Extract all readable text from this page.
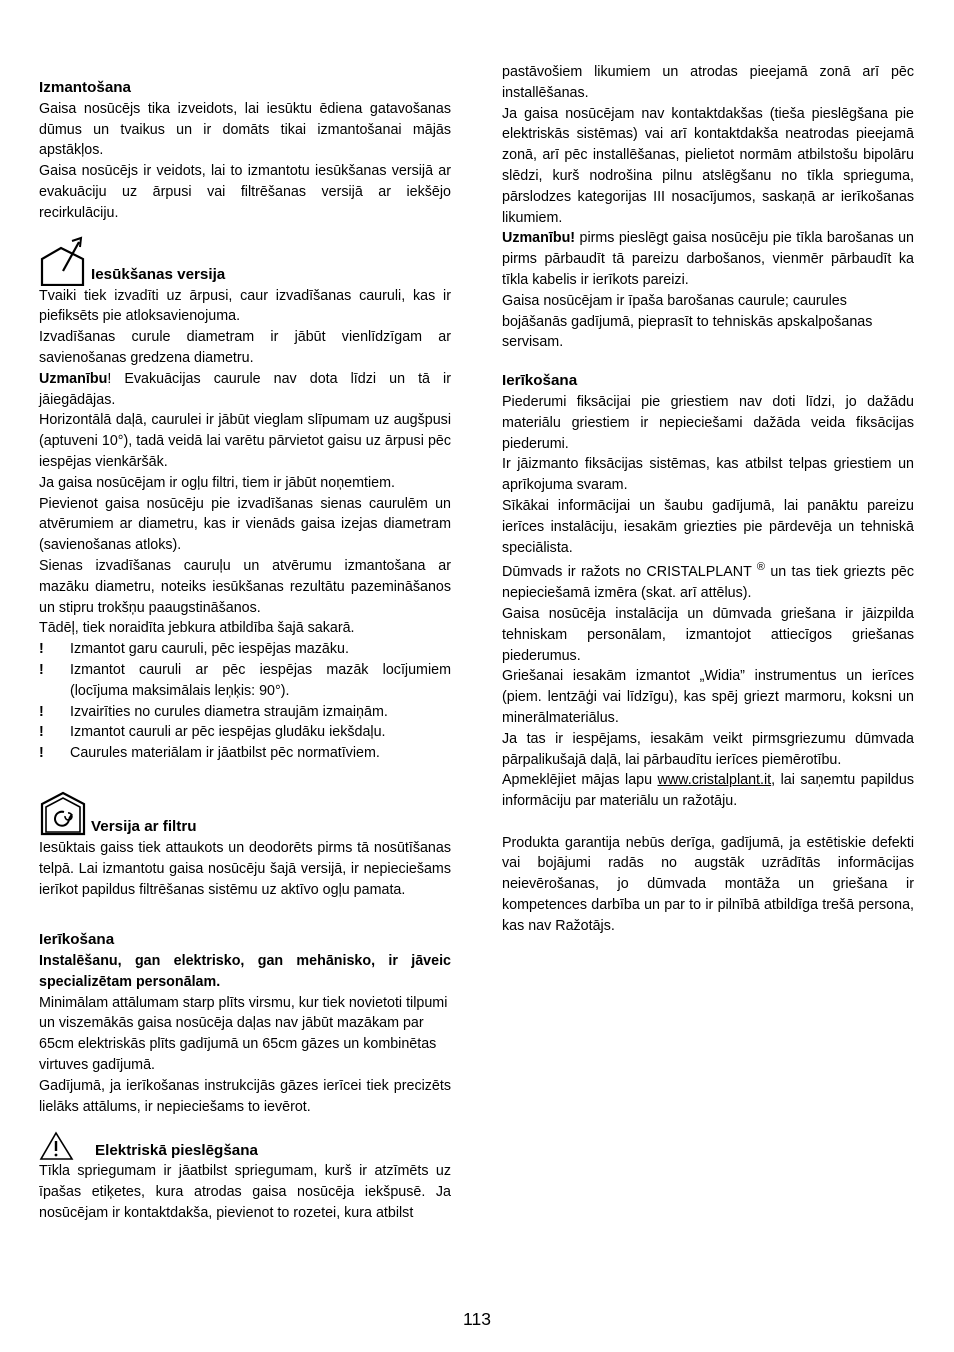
Izmantošana

Gaisa nosūcējs tika izveidots, lai iesūktu ēdiena gatavošanas dūmus un tvaikus un ir domāts tikai izmantošanai mājās apstākļos.

Gaisa nosūcējs ir veidots, lai to izmantotu iesūkšanas versijā ar evakuāciju uz ārpusi vai filtrēšanas versijā ar iekšējo recirkulāciju.

Iesūkšanas versija

Tvaiki tiek izvadīti uz ārpusi, caur izvadīšanas cauruli, kas ir piefiksēts pie atloksavienojuma.

Izvadīšanas curule diametram ir jābūt vienlīdzīgam ar savienošanas gredzena diametru.

Uzmanību! Evakuācijas caurule nav dota līdzi un tā ir jāiegādājas.

Horizontālā daļā, caurulei ir jābūt vieglam slīpumam uz augšpusi (aptuveni 10°), tadā veidā lai varētu pārvietot gaisu uz ārpusi pēc iespējas vienkāršāk.

Ja gaisa nosūcējam ir ogļu filtri, tiem ir jābūt noņemtiem.

Pievienot gaisa nosūcēju pie izvadīšanas sienas caurulēm un atvērumiem ar diametru, kas ir vienāds gaisa izejas diametram (savienošanas atloks).

Sienas izvadīšanas cauruļu un atvērumu izmantošana ar mazāku diametru, noteiks iesūkšanas rezultātu pazemināšanos un stipru trokšņu paaugstināšanos.

Tādēļ, tiek noraidīta jebkura atbildība šajā sakarā.

! Izmantot garu cauruli, pēc iespējas mazāku.

! Izmantot cauruli ar pēc iespējas mazāk locījumiem (locījuma maksimālais leņķis: 90°).

! Izvairīties no curules diametra straujām izmaiņām.

! Izmantot cauruli ar pēc iespējas gludāku iekšdaļu.

! Caurules materiālam ir jāatbilst pēc normatīviem.

Versija ar filtru

Iesūktais gaiss tiek attaukots un deodorēts pirms tā nosūtīšanas telpā. Lai izmantotu gaisa nosūcēju šajā versijā, ir nepieciešams ierīkot papildus filtrēšanas sistēmu uz aktīvo ogļu pamata.

Ierīkošana

Instalēšanu, gan elektrisko, gan mehānisko, ir jāveic specializētam personālam.

Minimālam attālumam starp plīts virsmu, kur tiek novietoti tilpumi un viszemākās gaisa nosūcēja daļas nav jābūt mazākam par 65cm elektriskās plīts gadījumā un 65cm gāzes un kombinētas virtuves gadījumā.

Gadījumā, ja ierīkošanas instrukcijās gāzes ierīcei tiek precizēts lielāks attālums, ir nepieciešams to ievērot.

Elektriskā pieslēgšana

Tīkla spriegumam ir jāatbilst spriegumam, kurš ir atzīmēts uz īpašas etiķetes, kura atrodas gaisa nosūcēja iekšpusē. Ja nosūcējam ir kontaktdakša, pievienot to rozetei, kura atbilst

pastāvošiem likumiem un atrodas pieejamā zonā arī pēc installēšanas.

Ja gaisa nosūcējam nav kontaktdakšas (tieša pieslēgšana pie elektriskās sistēmas) vai arī kontaktdakša neatrodas pieejamā zonā, arī pēc installēšanas, pielietot normām atbilstošu bipolāru slēdzi, kurš nodrošina pilnu atslēgšanu no tīkla sprieguma, pārslodzes kategorijas III nosacījumos, saskaņā ar ierīkošanas likumiem.

Uzmanību! pirms pieslēgt gaisa nosūcēju pie tīkla barošanas un pirms pārbaudīt tā pareizu darbošanos, vienmēr pārbaudīt ka tīkla kabelis ir ierīkots pareizi.

Gaisa nosūcējam ir īpaša barošanas caurule; caurules bojāšanās gadījumā, pieprasīt to tehniskās apskalpošanas servisam.

Ierīkošana

Piederumi fiksācijai pie griestiem nav doti līdzi, jo dažādu materiālu griestiem ir nepieciešami dažāda veida fiksācijas piederumi.

Ir jāizmanto fiksācijas sistēmas, kas atbilst telpas griestiem un aprīkojuma svaram.

Sīkākai informācijai un šaubu gadījumā, lai panāktu pareizu ierīces instalāciju, iesakām griezties pie pārdevēja un tehniskā speciālista.

Dūmvads ir ražots no CRISTALPLANT ® un tas tiek griezts pēc nepieciešamā izmēra (skat. arī attēlus).

Gaisa nosūcēja instalācija un dūmvada griešana ir jāizpilda tehniskam personālam, izmantojot attiecīgos griešanas piederumus.

Griešanai iesakām izmantot „Widia” instrumentus un ierīces (piem. lentzāģi vai līdzīgu), kas spēj griezt marmoru, koksni un minerālmateriālus.

Ja tas ir iespējams, iesakām veikt pirmsgriezumu dūmvada pārpalikušajā daļā, lai pārbaudītu ierīces piemērotību.

Apmeklējiet mājas lapu www.cristalplant.it, lai saņemtu papildus informāciju par materiālu un ražotāju.

Produkta garantija nebūs derīga, gadījumā, ja estētiskie defekti vai bojājumi radās no augstāk uzrādītās informācijas neievērošanas, jo dūmvada montāža un griešana ir kompetences darbība un par to ir pilnībā atbildīga trešā persona, kas nav Ražotājs.

113
